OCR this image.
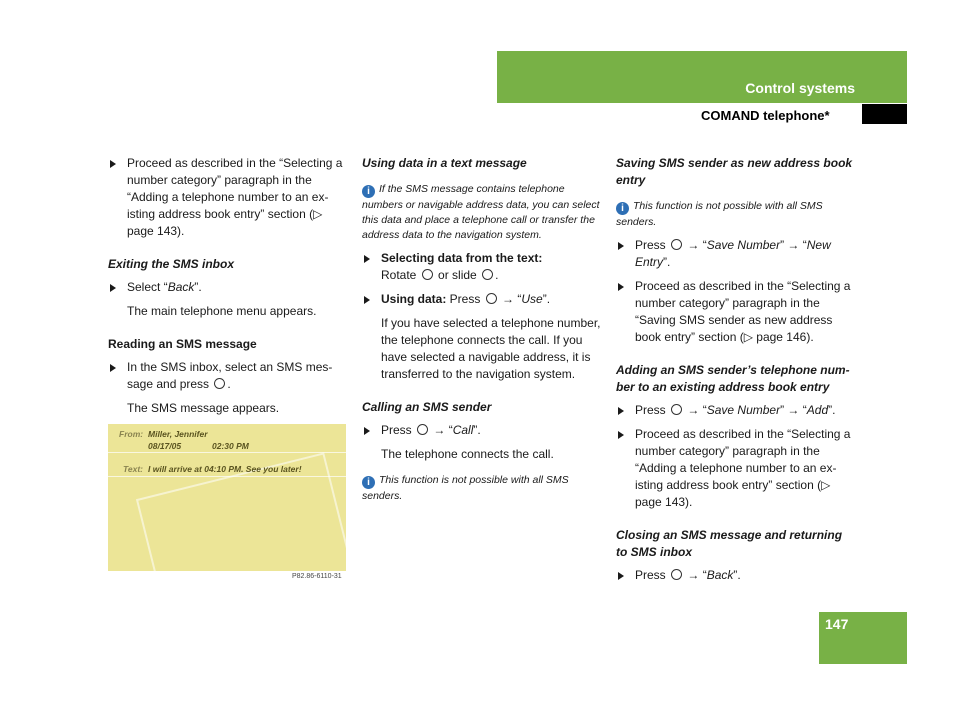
Control systems
COMAND telephone*
Proceed as described in the “Selecting a number category” paragraph in the “Adding a telephone number to an existing address book entry” section (▷ page 143).
Exiting the SMS inbox
Select “Back”.
The main telephone menu appears.
Reading an SMS message
In the SMS inbox, select an SMS message and press .
The SMS message appears.
From: Miller, Jennifer
08/17/05	02:30 PM
Text: I will arrive at 04:10 PM. See you later!
P82.86-6110-31
Using data in a text message
i If the SMS message contains telephone numbers or navigable address data, you can select this data and place a telephone call or transfer the address data to the navigation system.
Selecting data from the text:
Rotate or slide .
Using data: Press → “Use”.
If you have selected a telephone number, the telephone connects the call. If you have selected a navigable address, it is transferred to the navigation system.
Calling an SMS sender
Press → “Call”.
The telephone connects the call.
i This function is not possible with all SMS senders.
Saving SMS sender as new address book entry
i This function is not possible with all SMS senders.
Press → “Save Number” → “New Entry”.
Proceed as described in the “Selecting a number category” paragraph in the “Saving SMS sender as new address book entry” section (▷ page 146).
Adding an SMS sender’s telephone number to an existing address book entry
Press → “Save Number” → “Add”.
Proceed as described in the “Selecting a number category” paragraph in the “Adding a telephone number to an existing address book entry” section (▷ page 143).
Closing an SMS message and returning to SMS inbox
Press → “Back”.
147
